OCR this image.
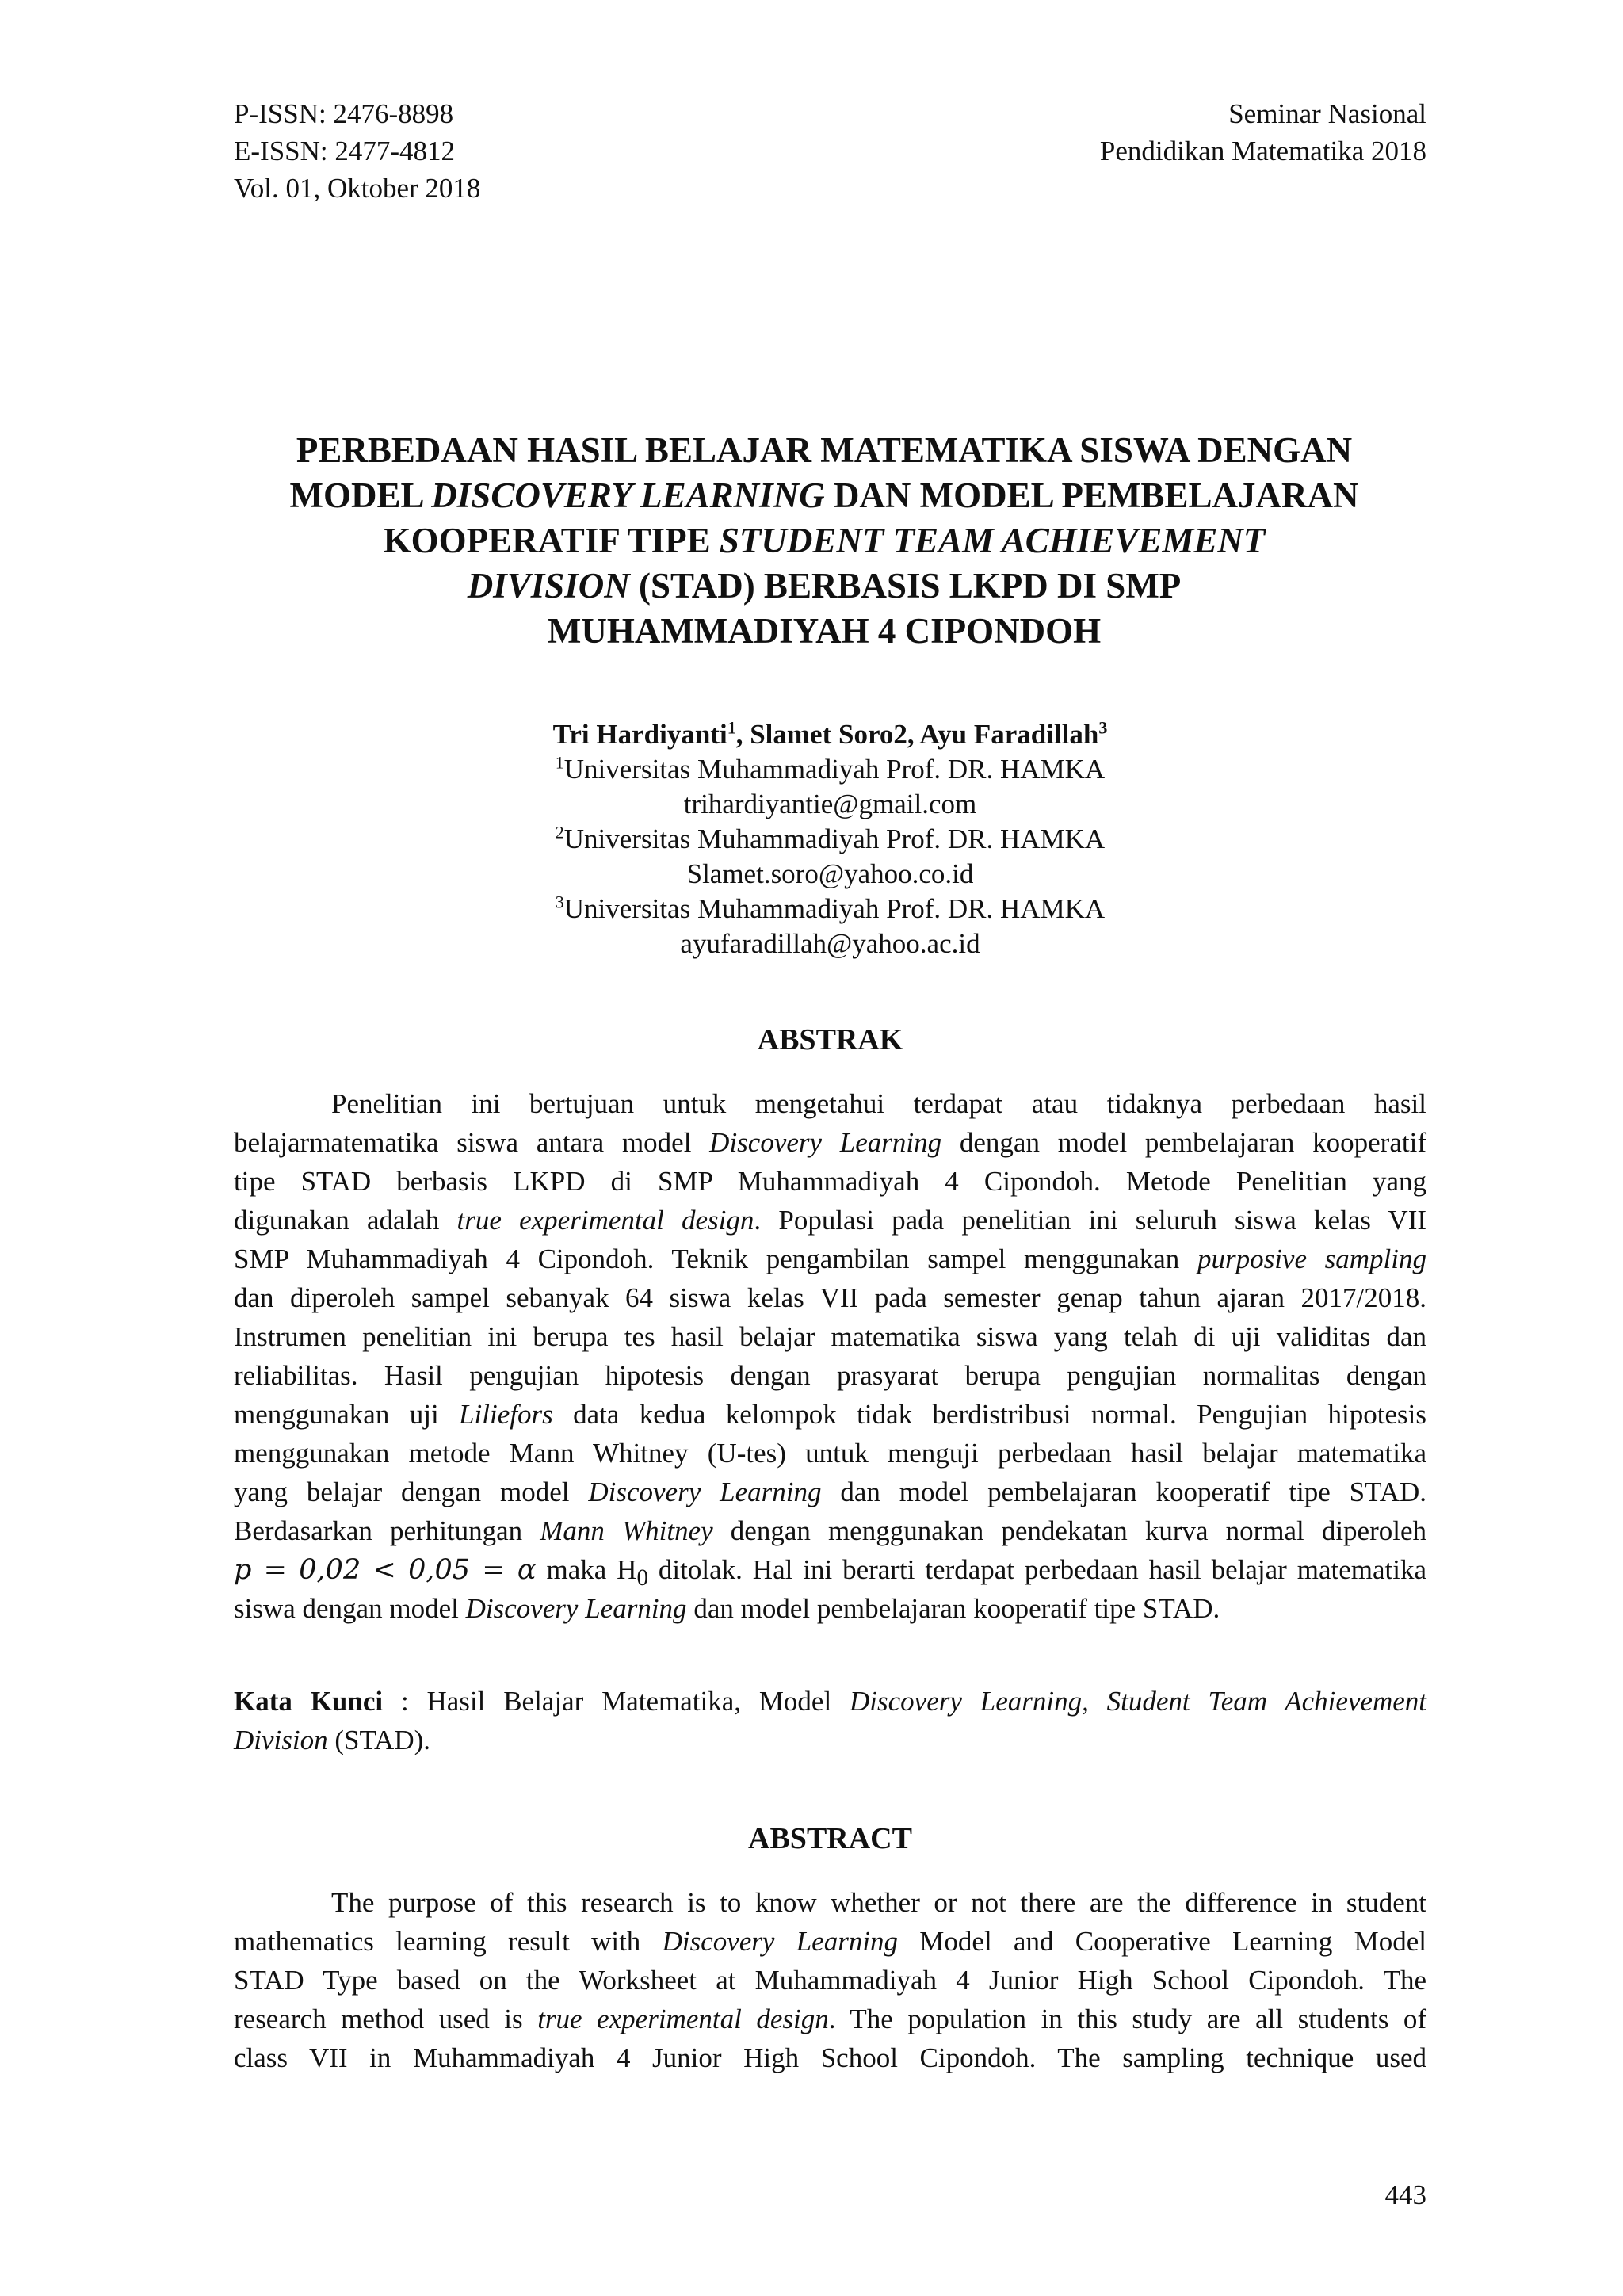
P-ISSN: 2476-8898
E-ISSN: 2477-4812
Vol. 01, Oktober 2018
Seminar Nasional
Pendidikan Matematika 2018
PERBEDAAN HASIL BELAJAR MATEMATIKA SISWA DENGAN
MODEL DISCOVERY LEARNING DAN MODEL PEMBELAJARAN
KOOPERATIF TIPE STUDENT TEAM ACHIEVEMENT
DIVISION (STAD) BERBASIS LKPD DI SMP
MUHAMMADIYAH 4 CIPONDOH
Tri Hardiyanti$^1$, Slamet Soro2, Ayu Faradillah$^3$
$^1$Universitas Muhammadiyah Prof. DR. HAMKA
trihardiyantie@gmail.com
$^2$Universitas Muhammadiyah Prof. DR. HAMKA
Slamet.soro@yahoo.co.id
$^3$Universitas Muhammadiyah Prof. DR. HAMKA
ayufaradillah@yahoo.ac.id
ABSTRAK
Penelitian ini bertujuan untuk mengetahui terdapat atau tidaknya perbedaan hasil
belajarmatematika siswa antara model Discovery Learning dengan model pembelajaran kooperatif
tipe STAD berbasis LKPD di SMP Muhammadiyah 4 Cipondoh. Metode Penelitian yang
digunakan adalah true experimental design. Populasi pada penelitian ini seluruh siswa kelas VII
SMP Muhammadiyah 4 Cipondoh. Teknik pengambilan sampel menggunakan purposive sampling
dan diperoleh sampel sebanyak 64 siswa kelas VII pada semester genap tahun ajaran 2017/2018.
Instrumen penelitian ini berupa tes hasil belajar matematika siswa yang telah di uji validitas dan
reliabilitas. Hasil pengujian hipotesis dengan prasyarat berupa pengujian normalitas dengan
menggunakan uji Liliefors data kedua kelompok tidak berdistribusi normal. Pengujian hipotesis
menggunakan metode Mann Whitney (U-tes) untuk menguji perbedaan hasil belajar matematika
yang belajar dengan model Discovery Learning dan model pembelajaran kooperatif tipe STAD.
Berdasarkan perhitungan Mann Whitney dengan menggunakan pendekatan kurva normal diperoleh
p = 0,02 < 0,05 = α maka $H_0$ ditolak. Hal ini berarti terdapat perbedaan hasil belajar matematika
siswa dengan model Discovery Learning dan model pembelajaran kooperatif tipe STAD.
Kata Kunci : Hasil Belajar Matematika, Model Discovery Learning, Student Team Achievement
Division (STAD).
ABSTRACT
The purpose of this research is to know whether or not there are the difference in student
mathematics learning result with Discovery Learning Model and Cooperative Learning Model
STAD Type based on the Worksheet at Muhammadiyah 4 Junior High School Cipondoh. The
research method used is true experimental design. The population in this study are all students of
class VII in Muhammadiyah 4 Junior High School Cipondoh. The sampling technique used
443
